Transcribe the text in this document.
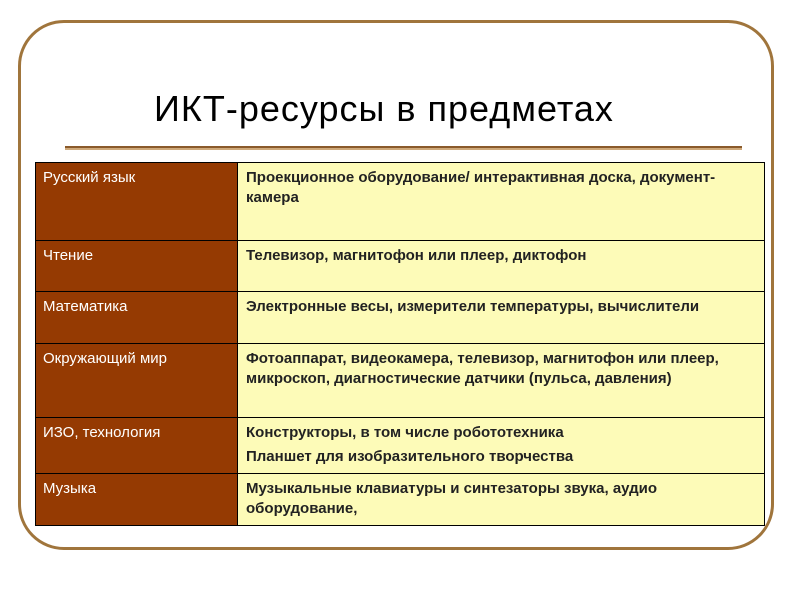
ИКТ-ресурсы в предметах
Русский язык	Проекционное оборудование/ интерактивная доска, документ-камера

Чтение	Телевизор, магнитофон или плеер, диктофон

Математика	Электронные весы, измерители температуры, вычислители

Окружающий мир	Фотоаппарат, видеокамера, телевизор, магнитофон или плеер, микроскоп, диагностические датчики (пульса, давления)

ИЗО, технология	Конструкторы, в том числе робототехника
Планшет для изобразительного творчества

Музыка	Музыкальные клавиатуры и синтезаторы звука, аудио оборудование,
